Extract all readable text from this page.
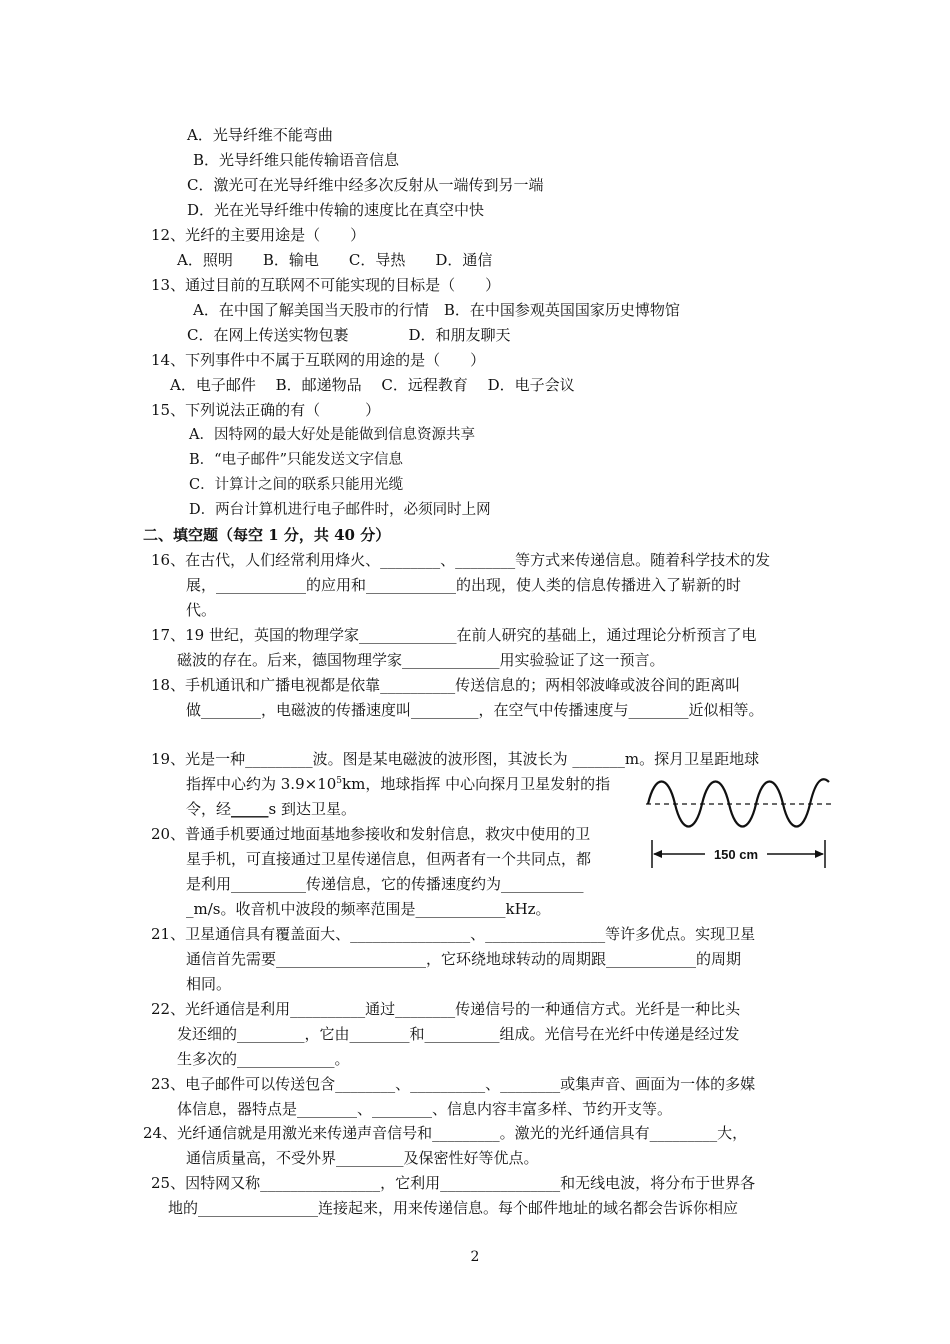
A．光导纤维不能弯曲
B．光导纤维只能传输语音信息
C．激光可在光导纤维中经多次反射从一端传到另一端
D．光在光导纤维中传输的速度比在真空中快
12、光纤的主要用途是（　　）
A．照明　　B．输电　　C．导热　　D．通信
13、通过目前的互联网不可能实现的目标是（　　）
A．在中国了解美国当天股市的行情　B．在中国参观英国国家历史博物馆
C．在网上传送实物包裹　　　　D．和朋友聊天
14、下列事件中不属于互联网的用途的是（　　）
A．电子邮件　 B．邮递物品　 C．远程教育　 D．电子会议
15、下列说法正确的有（　　　）
A．因特网的最大好处是能做到信息资源共享
B．“电子邮件”只能发送文字信息
C．计算计之间的联系只能用光缆
D．两台计算机进行电子邮件时，必须同时上网
二、填空题（每空 1 分，共 40 分）
16、在古代，人们经常利用烽火、________、________等方式来传递信息。随着科学技术的发
展，____________的应用和____________的出现，使人类的信息传播进入了崭新的时
代。
17、19 世纪，英国的物理学家_____________在前人研究的基础上，通过理论分析预言了电
磁波的存在。后来，德国物理学家_____________用实验验证了这一预言。
18、手机通讯和广播电视都是依靠__________传送信息的；两相邻波峰或波谷间的距离叫
做________，电磁波的传播速度叫_________，在空气中传播速度与________近似相等。
19、光是一种_________波。图是某电磁波的波形图，其波长为 _______m。探月卫星距地球
指挥中心约为 $3.9\times 10^5km$，地球指挥 中心向探月卫星发射的指
令，经_____s 到达卫星。
150 cm
20、普通手机要通过地面基地参接收和发射信息，救灾中使用的卫
星手机，可直接通过卫星传递信息，但两者有一个共同点，都
是利用__________传递信息，它的传播速度约为___________
_m/s。收音机中波段的频率范围是____________kHz。
21、卫星通信具有覆盖面大、________________、________________等许多优点。实现卫星
通信首先需要____________________，它环绕地球转动的周期跟____________的周期
相同。
22、光纤通信是利用__________通过________传递信号的一种通信方式。光纤是一种比头
发还细的_________，它由________和__________组成。光信号在光纤中传递是经过发
生多次的_____________。
23、电子邮件可以传送包含________、__________、________或集声音、画面为一体的多媒
体信息，器特点是________、________、信息内容丰富多样、节约开支等。
24、光纤通信就是用激光来传递声音信号和_________。激光的光纤通信具有_________大，
通信质量高，不受外界_________及保密性好等优点。
25、因特网又称________________，它利用________________和无线电波，将分布于世界各
地的________________连接起来，用来传递信息。每个邮件地址的域名都会告诉你相应
2
